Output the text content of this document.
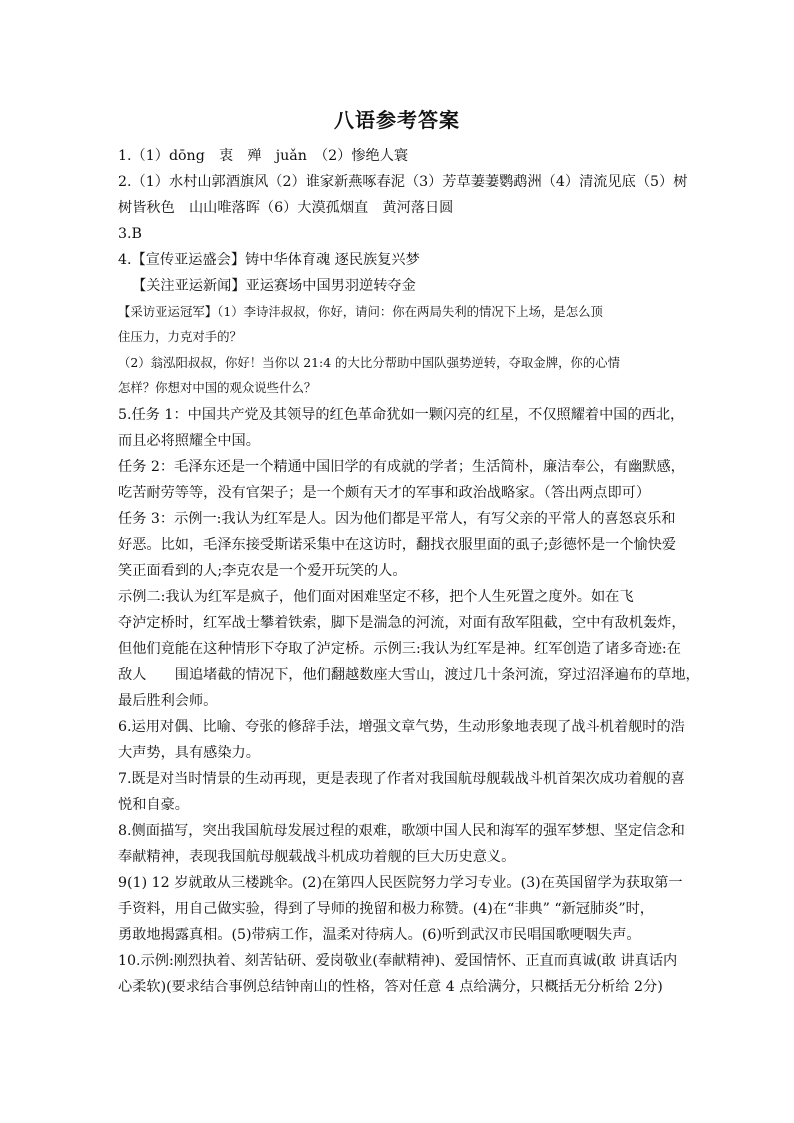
八语参考答案
1.（1）dōng　衷　殚　juǎn　（2）惨绝人寰
2.（1）水村山郭酒旗风（2）谁家新燕啄春泥（3）芳草萋萋鹦鹉洲（4）清流见底（5）树
树皆秋色　山山唯落晖（6）大漠孤烟直　黄河落日圆
3.B
4.【宣传亚运盛会】铸中华体育魂 逐民族复兴梦
【关注亚运新闻】亚运赛场中国男羽逆转夺金
【采访亚运冠军】（1）李诗沣叔叔，你好，请问：你在两局失利的情况下上场，是怎么顶
住压力，力克对手的？
（2）翁泓阳叔叔，你好！当你以 21:4 的大比分帮助中国队强势逆转，夺取金牌，你的心情
怎样？你想对中国的观众说些什么？
5.任务 1：中国共产党及其领导的红色革命犹如一颗闪亮的红星，不仅照耀着中国的西北，
而且必将照耀全中国。
任务 2：毛泽东还是一个精通中国旧学的有成就的学者；生活简朴，廉洁奉公，有幽默感，
吃苦耐劳等等，没有官架子；是一个颇有天才的军事和政治战略家。（答出两点即可）
任务 3：示例一:我认为红军是人。因为他们都是平常人，有写父亲的平常人的喜怒哀乐和
好恶。比如，毛泽东接受斯诺采集中在这访时，翻找衣服里面的虱子;彭德怀是一个愉快爱
笑正面看到的人;李克农是一个爱开玩笑的人。
示例二:我认为红军是疯子，他们面对困难坚定不移，把个人生死置之度外。如在飞
夺泸定桥时，红军战士攀着铁索，脚下是湍急的河流，对面有敌军阻截，空中有敌机轰炸，
但他们竟能在这种情形下夺取了泸定桥。示例三:我认为红军是神。红军创造了诸多奇迹:在
敌人　　围追堵截的情况下，他们翻越数座大雪山，渡过几十条河流，穿过沼泽遍布的草地，
最后胜利会师。
6.运用对偶、比喻、夸张的修辞手法，增强文章气势，生动形象地表现了战斗机着舰时的浩
大声势，具有感染力。
7.既是对当时情景的生动再现，更是表现了作者对我国航母舰载战斗机首架次成功着舰的喜
悦和自豪。
8.侧面描写，突出我国航母发展过程的艰难，歌颂中国人民和海军的强军梦想、坚定信念和
奉献精神，表现我国航母舰载战斗机成功着舰的巨大历史意义。
9(1) 12 岁就敢从三楼跳伞。(2)在第四人民医院努力学习专业。(3)在英国留学为获取第一
手资料，用自己做实验，得到了导师的挽留和极力称赞。(4)在“非典” “新冠肺炎”时，
勇敢地揭露真相。(5)带病工作，温柔对待病人。(6)听到武汉市民唱国歌哽咽失声。
10.示例:刚烈执着、刻苦钻研、爱岗敬业(奉献精神)、爱国情怀、正直而真诚(敢 讲真话内
心柔软)(要求结合事例总结钟南山的性格，答对任意 4 点给满分，只概括无分析给 2分)
